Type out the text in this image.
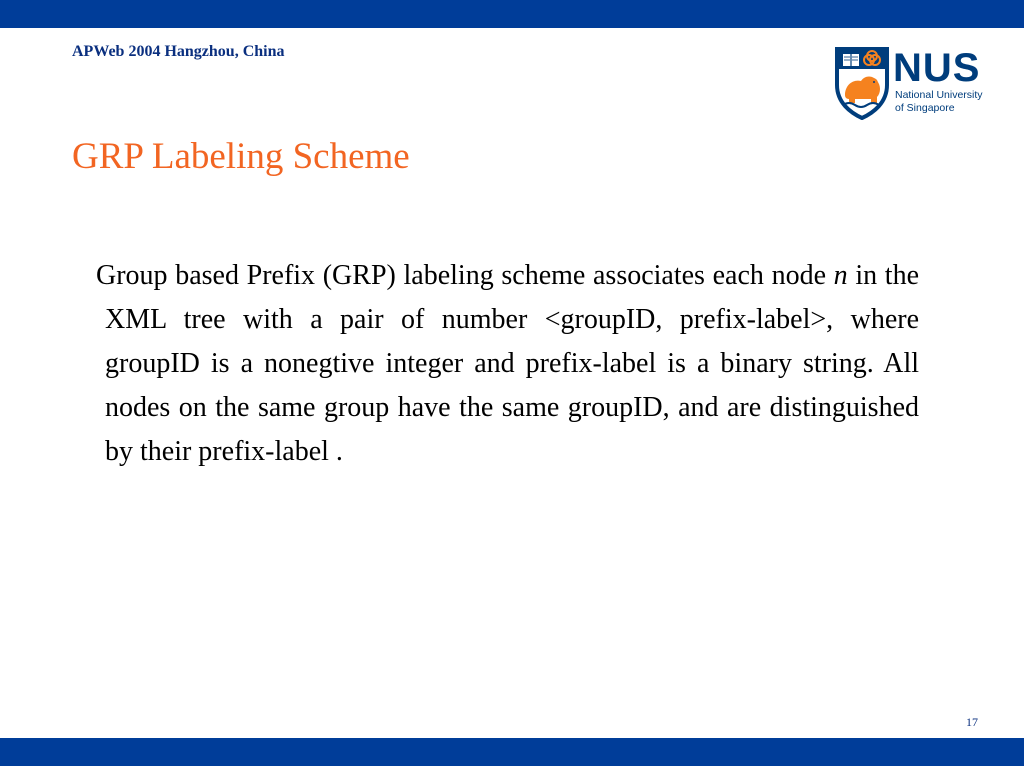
APWeb 2004 Hangzhou, China	NUS
National University
of Singapore
GRP Labeling Scheme

Group based Prefix (GRP) labeling scheme associates each node n in the XML tree with a pair of number <groupID, prefix-label>, where groupID is a nonegtive integer and prefix-label is a binary string. All nodes on the same group have the same groupID, and are distinguished by their prefix-label .

17
